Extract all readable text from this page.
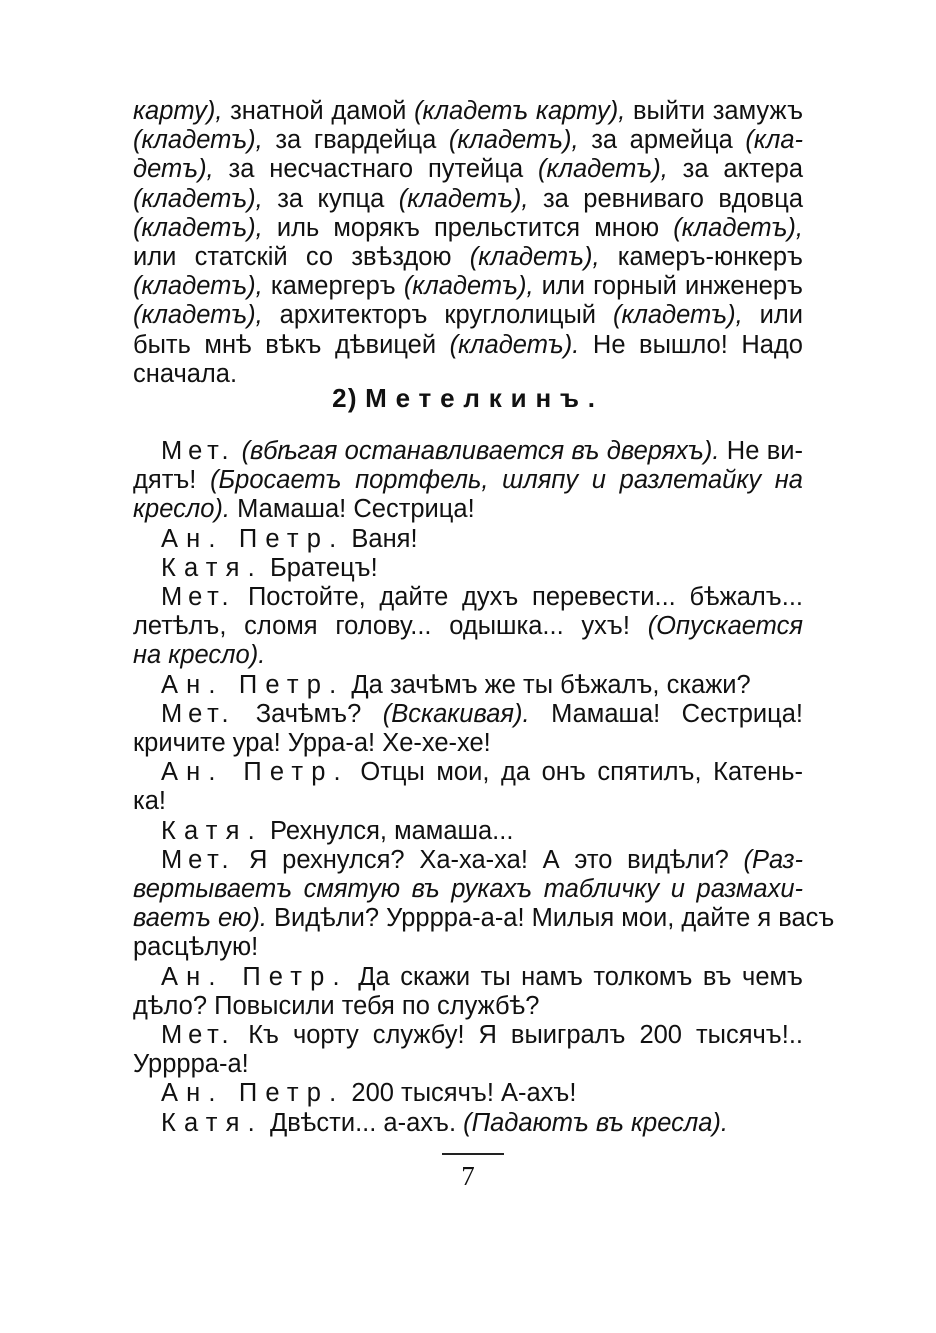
карту), знатной дамой (кладетъ карту), выйти замужъ
(кладетъ), за гвардейца (кладетъ), за армейца (кла-
детъ), за несчастнаго путейца (кладетъ), за актера
(кладетъ), за купца (кладетъ), за ревниваго вдовца
(кладетъ), иль морякъ прельстится мною (кладетъ),
или статскій со звѣздою (кладетъ), камеръ-юнкеръ
(кладетъ), камергеръ (кладетъ), или горный инженеръ
(кладетъ), архитекторъ круглолицый (кладетъ), или
быть мнѣ вѣкъ дѣвицей (кладетъ). Не вышло! Надо
сначала.
2) Метелкинъ.
Мет. (вбѣгая останавливается въ дверяхъ). Не ви-
дятъ! (Бросаетъ портфель, шляпу и разлетайку на
кресло). Мамаша! Сестрица!
Ан. Петр. Ваня!
Катя. Братецъ!
Мет. Постойте, дайте духъ перевести... бѣжалъ...
летѣлъ, сломя голову... одышка... ухъ! (Опускается
на кресло).
Ан. Петр. Да зачѣмъ же ты бѣжалъ, скажи?
Мет. Зачѣмъ? (Вскакивая). Мамаша! Сестрица!
кричите ура! Урра-а! Хе-хе-хе!
Ан. Петр. Отцы мои, да онъ спятилъ, Катень-
ка!
Катя. Рехнулся, мамаша...
Мет. Я рехнулся? Ха-ха-ха! А это видѣли? (Раз-
вертываетъ смятую въ рукахъ табличку и размахи-
ваетъ ею). Видѣли? Урррра-а-а! Милыя мои, дайте я васъ
расцѣлую!
Ан. Петр. Да скажи ты намъ толкомъ въ чемъ
дѣло? Повысили тебя по службѣ?
Мет. Къ чорту службу! Я выигралъ 200 тысячъ!..
Урррра-а!
Ан. Петр. 200 тысячъ! А-ахъ!
Катя. Двѣсти... а-ахъ. (Падаютъ въ кресла).
7
